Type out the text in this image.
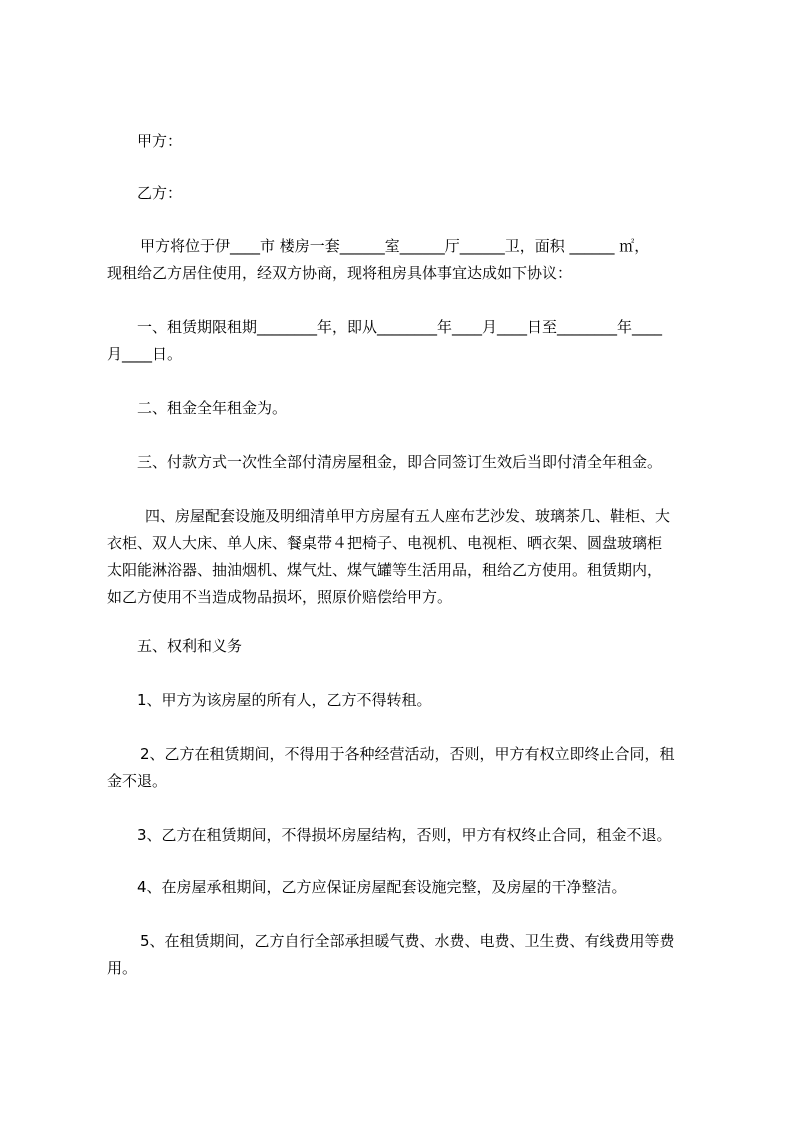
甲方：

乙方：

甲方将位于伊____市 楼房一套______室______厅______卫，面积 ______ ㎡，
现租给乙方居住使用，经双方协商，现将租房具体事宜达成如下协议：
一、租赁期限租期________年，即从________年____月____日至________年____
月____日。

二、租金全年租金为。

三、付款方式一次性全部付清房屋租金，即合同签订生效后当即付清全年租金。

四、房屋配套设施及明细清单甲方房屋有五人座布艺沙发、玻璃茶几、鞋柜、大
衣柜、双人大床、单人床、餐桌带４把椅子、电视机、电视柜、晒衣架、圆盘玻璃柜
太阳能淋浴器、抽油烟机、煤气灶、煤气罐等生活用品，租给乙方使用。租赁期内，
如乙方使用不当造成物品损坏，照原价赔偿给甲方。

五、权利和义务

1、甲方为该房屋的所有人，乙方不得转租。

2、乙方在租赁期间，不得用于各种经营活动，否则，甲方有权立即终止合同，租
金不退。

3、乙方在租赁期间，不得损坏房屋结构，否则，甲方有权终止合同，租金不退。

4、在房屋承租期间，乙方应保证房屋配套设施完整，及房屋的干净整洁。

5、在租赁期间，乙方自行全部承担暖气费、水费、电费、卫生费、有线费用等费
用。
